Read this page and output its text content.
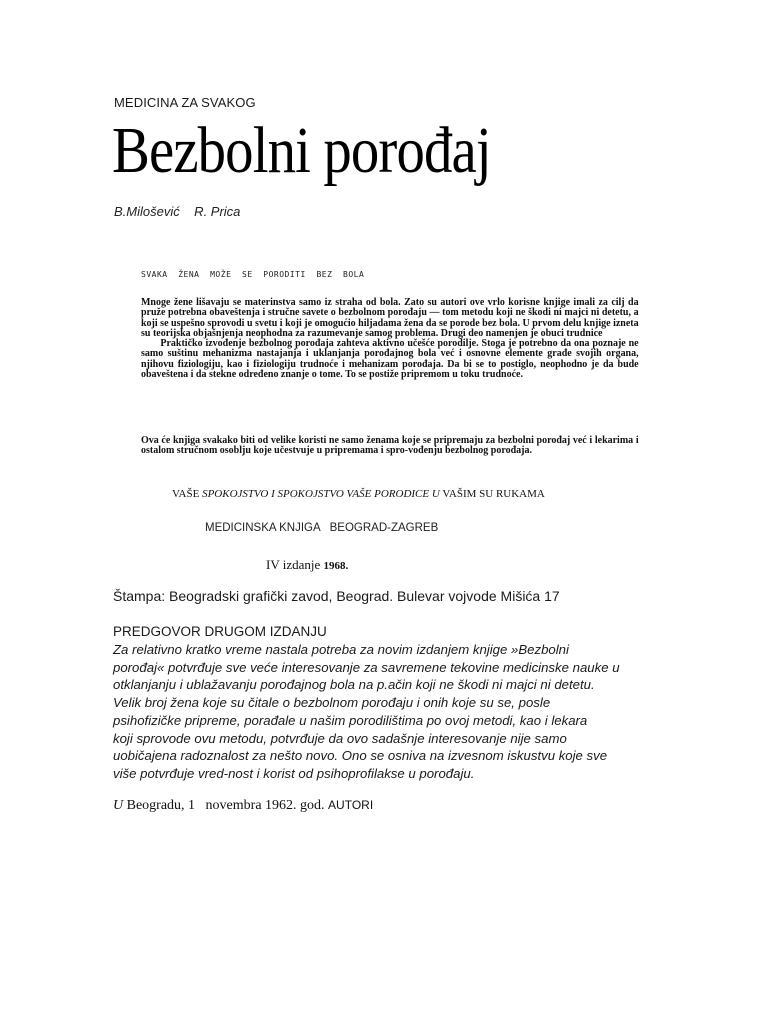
MEDICINA ZA SVAKOG
Bezbolni porođaj
B.Milošević    R. Prica
SVAKA  ŽENA  MOŽE  SE  PORODITI  BEZ  BOLA
Mnoge žene lišavaju se materinstva samo iz straha od bola. Zato su autori ove vrlo korisne knjige imali za cilj da pruže potrebna obaveštenja i stručne savete o bezbolnom porođaju — tom metodu koji ne škodi ni majci ni detetu, a koji se uspešno sprovodi u svetu i koji je omogućio hiljadama žena da se porode bez bola. U prvom delu knjige izneta su teorijska objašnjenja neophodna za razumevanje samog problema. Drugi deo namenjen je obuci trudnice
Praktičko izvođenje bezbolnog porođaja zahteva aktivno učešće porodilje. Stoga je potrebno da ona poznaje ne samo suštinu mehanizma nastajanja i uklanjanja porođajnog bola već i osnovne elemente građe svojih organa, njihovu fiziologiju, kao i fiziologiju trudnoće i mehanizam porođaja. Da bi se to postiglo, neophodno je da bude obaveštena i da stekne određeno znanje o tome. To se postiže pripremom u toku trudnoće.
Ova će knjiga svakako biti od velike koristi ne samo ženama koje se pripremaju za bezbolni porođaj već i lekarima i ostalom stručnom osoblju koje učestvuje u pripremama i spro-vođenju bezbolnog porođaja.
VAŠE SPOKOJSTVO I SPOKOJSTVO VAŠE PORODICE U VAŠIM SU RUKAMA
MEDICINSKA KNJIGA   BEOGRAD-ZAGREB
IV izdanje 1968.
Štampa: Beogradski grafički zavod, Beograd. Bulevar vojvode Mišića 17
PREDGOVOR DRUGOM IZDANJU
Za relativno kratko vreme nastala potreba za novim izdanjem knjige »Bezbolni
porođaj« potvrđuje sve veće interesovanje za savremene tekovine medicinske nauke u
otklanjanju i ublažavanju porođajnog bola na p.ačin koji ne škodi ni majci ni detetu.
Velik broj žena koje su čitale o bezbolnom porođaju i onih koje su se, posle
psihofizičke pripreme, porađale u našim porodilištima po ovoj metodi, kao i lekara
koji sprovode ovu metodu, potvrđuje da ovo sadašnje interesovanje nije samo
uobičajena radoznalost za nešto novo. Ono se osniva na izvesnom iskustvu koje sve
više potvrđuje vred-nost i korist od psihoprofilakse u porođaju.
U Beogradu, 1   novembra 1962. god. AUTORI
